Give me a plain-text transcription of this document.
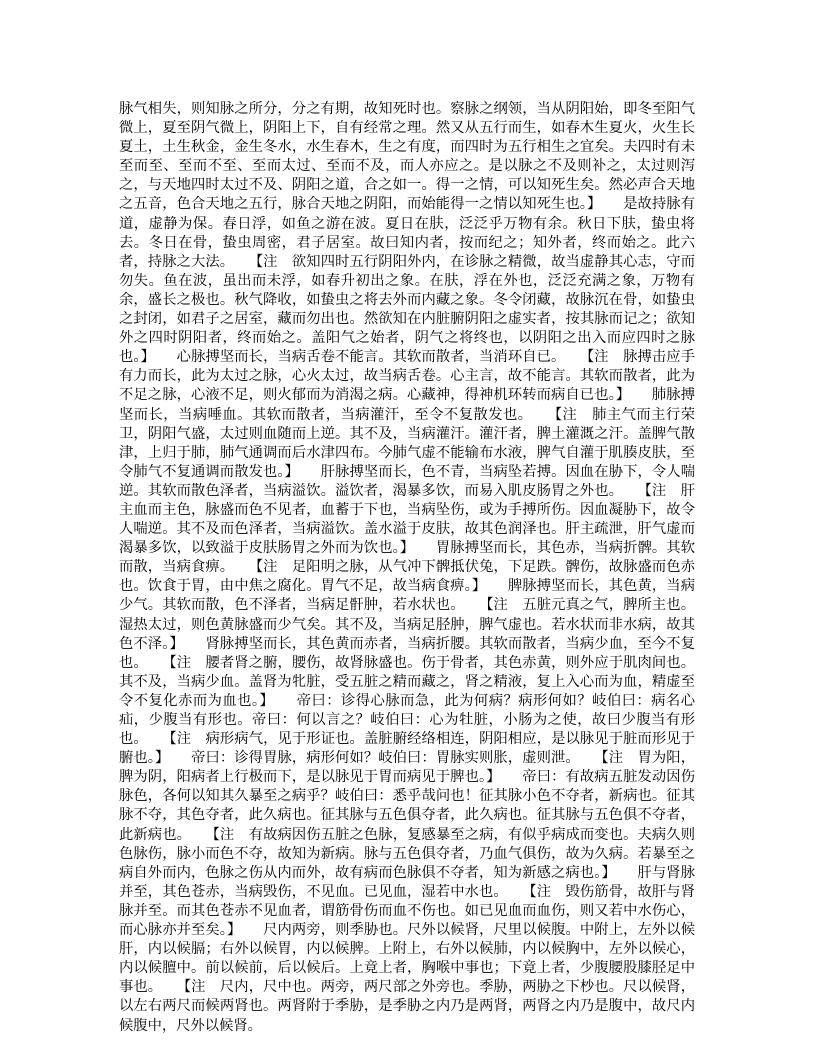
脉气相失，则知脉之所分，分之有期，故知死时也。察脉之纲领，当从阴阳始，即冬至阳气微上，夏至阴气微上，阴阳上下，自有经常之理。然又从五行而生，如春木生夏火，火生长夏土，土生秋金，金生冬水，水生春木，生之有度，而四时为五行相生之宜矣。夫四时有未至而至、至而不至、至而太过、至而不及，而人亦应之。是以脉之不及则补之，太过则泻之，与天地四时太过不及、阴阳之道，合之如一。得一之情，可以知死生矣。然必声合天地之五音，色合天地之五行，脉合天地之阴阳，而始能得一之情以知死生也。】　　是故持脉有道，虚静为保。春日浮，如鱼之游在波。夏日在肤，泛泛乎万物有余。秋日下肤，蛰虫将去。冬日在骨，蛰虫周密，君子居室。故曰知内者，按而纪之；知外者，终而始之。此六者，持脉之大法。　　【注　欲知四时五行阴阳外内，在诊脉之精微，故当虚静其心志，守而勿失。鱼在波，虽出而未浮，如春升初出之象。在肤，浮在外也，泛泛充满之象，万物有余，盛长之极也。秋气降收，如蛰虫之将去外而内藏之象。冬令闭藏，故脉沉在骨，如蛰虫之封闭，如君子之居室，藏而勿出也。然欲知在内脏腑阴阳之虚实者，按其脉而记之；欲知外之四时阴阳者，终而始之。盖阳气之始者，阴气之将终也，以阴阳之出入而应四时之脉也。】　　心脉搏坚而长，当病舌卷不能言。其软而散者，当消环自已。　　【注　脉搏击应手有力而长，此为太过之脉，心火太过，故当病舌卷。心主言，故不能言。其软而散者，此为不足之脉，心液不足，则火郁而为消渴之病。心藏神，得神机环转而病自已也。】　　肺脉搏坚而长，当病唾血。其软而散者，当病灌汗，至令不复散发也。　　【注　肺主气而主行荣卫，阴阳气盛，太过则血随而上逆。其不及，当病灌汗。灌汗者，脾土灌溉之汗。盖脾气散津，上归于肺，肺气通调而后水津四布。今肺气虚不能输布水液，脾气自灌于肌腠皮肤，至令肺气不复通调而散发也。】　　肝脉搏坚而长，色不青，当病坠若搏。因血在胁下，令人喘逆。其软而散色泽者，当病溢饮。溢饮者，渴暴多饮，而易入肌皮肠胃之外也。　　【注　肝主血而主色，脉盛而色不见者，血蓄于下也，当病坠伤，或为手搏所伤。因血凝胁下，故令人喘逆。其不及而色泽者，当病溢饮。盖水溢于皮肤，故其色润泽也。肝主疏泄，肝气虚而渴暴多饮，以致溢于皮肤肠胃之外而为饮也。】　　胃脉搏坚而长，其色赤，当病折髀。其软而散，当病食痹。　　【注　足阳明之脉，从气冲下髀抵伏兔，下足跌。髀伤，故脉盛而色赤也。饮食于胃，由中焦之腐化。胃气不足，故当病食痹。】　　脾脉搏坚而长，其色黄，当病少气。其软而散，色不泽者，当病足骭肿，若水状也。　　【注　五脏元真之气，脾所主也。湿热太过，则色黄脉盛而少气矣。其不及，当病足胫肿，脾气虚也。若水状而非水病，故其色不泽。】　　肾脉搏坚而长，其色黄而赤者，当病折腰。其软而散者，当病少血，至今不复也。　　【注　腰者肾之腑，腰伤，故肾脉盛也。伤于骨者，其色赤黄，则外应于肌肉间也。其不及，当病少血。盖肾为牝脏，受五脏之精而藏之，肾之精液，复上入心而为血，精虚至令不复化赤而为血也。】　　帝曰：诊得心脉而急，此为何病？病形何如？岐伯曰：病名心疝，少腹当有形也。帝曰：何以言之？岐伯曰：心为牡脏，小肠为之使，故曰少腹当有形也。　　【注　病形病气，见于形证也。盖脏腑经络相连，阴阳相应，是以脉见于脏而形见于腑也。】　　帝曰：诊得胃脉，病形何如？岐伯曰：胃脉实则胀，虚则泄。　　【注　胃为阳，脾为阴，阳病者上行极而下，是以脉见于胃而病见于脾也。】　　帝曰：有故病五脏发动因伤脉色，各何以知其久暴至之病乎？岐伯曰：悉乎哉问也！征其脉小色不夺者，新病也。征其脉不夺，其色夺者，此久病也。征其脉与五色俱夺者，此久病也。征其脉与五色俱不夺者，此新病也。　　【注　有故病因伤五脏之色脉，复感暴至之病，有似乎病成而变也。夫病久则色脉伤，脉小而色不夺，故知为新病。脉与五色俱夺者，乃血气俱伤，故为久病。若暴至之病自外而内，色脉之伤从内而外，故有病而色脉俱不夺者，知为新感之病也。】　　肝与肾脉并至，其色苍赤，当病毁伤，不见血。已见血，湿若中水也。　　【注　毁伤筋骨，故肝与肾脉并至。而其色苍赤不见血者，谓筋骨伤而血不伤也。如已见血而血伤，则又若中水伤心，而心脉亦并至矣。】　　尺内两旁，则季胁也。尺外以候肾，尺里以候腹。中附上，左外以候肝，内以候膈；右外以候胃，内以候脾。上附上，右外以候肺，内以候胸中，左外以候心，内以候膻中。前以候前，后以候后。上竟上者，胸喉中事也；下竟上者，少腹腰股膝胫足中事也。　　【注　尺内，尺中也。两旁，两尺部之外旁也。季胁，两胁之下杪也。尺以候肾，以左右两尺而候两肾也。两肾附于季胁，是季胁之内乃是两肾，两肾之内乃是腹中，故尺内候腹中，尺外以候肾。
